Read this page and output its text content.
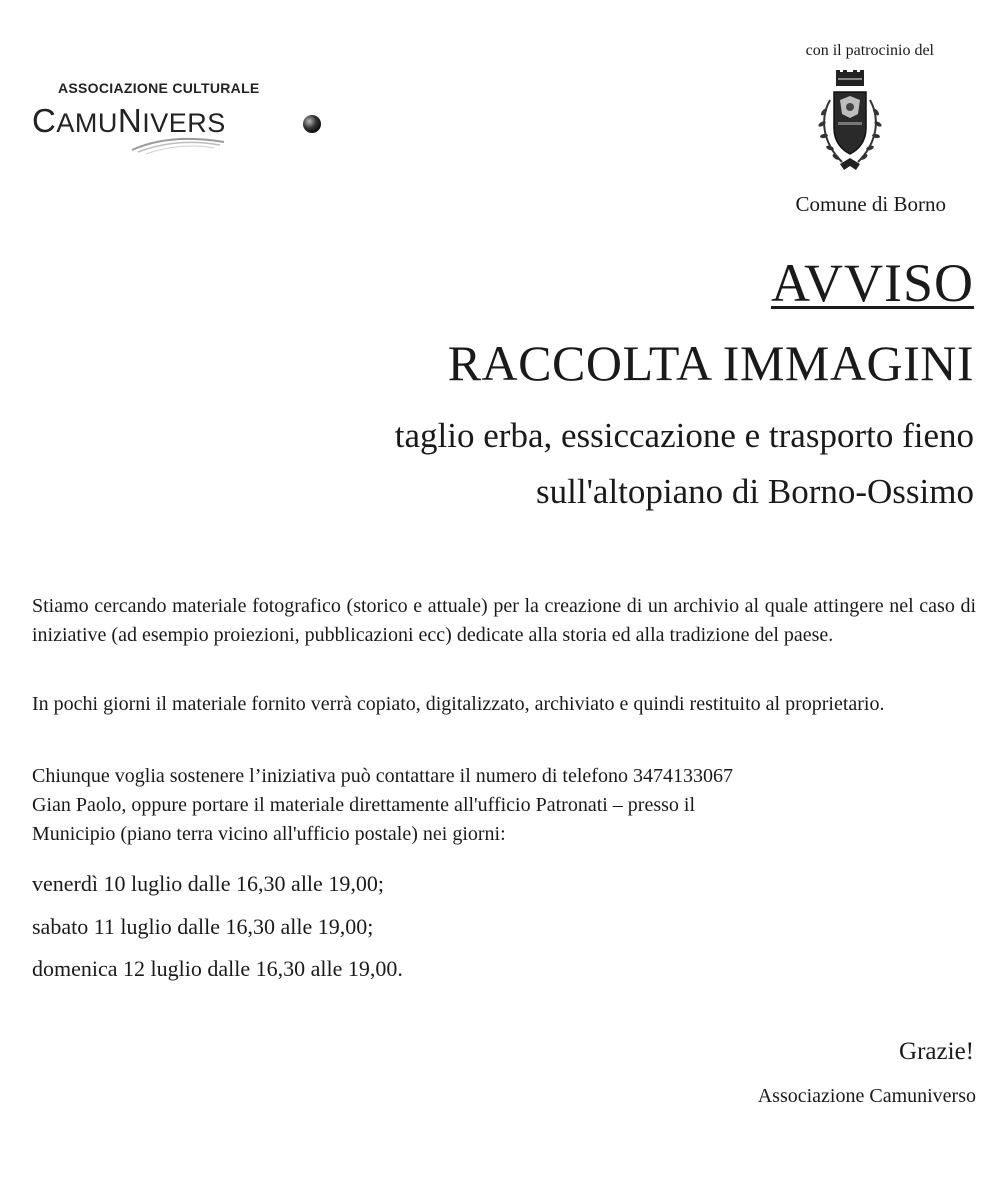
ASSOCIAZIONE CULTURALE
CAMUNIVERS
con il patrocinio del
Comune di Borno
AVVISO
RACCOLTA IMMAGINI
taglio erba, essiccazione e trasporto fieno
sull'altopiano di Borno-Ossimo
Stiamo cercando materiale fotografico (storico e attuale) per la creazione di un archivio al quale attingere nel caso di iniziative (ad esempio proiezioni, pubblicazioni ecc) dedicate alla storia ed alla tradizione del paese.
In pochi giorni il materiale fornito verrà copiato, digitalizzato, archiviato e quindi restituito al proprietario.
Chiunque voglia sostenere l’iniziativa può contattare il numero di telefono 3474133067
Gian Paolo, oppure portare il materiale direttamente all'ufficio Patronati – presso il
Municipio (piano terra vicino all'ufficio postale) nei giorni:
venerdì 10 luglio dalle 16,30 alle 19,00;
sabato 11 luglio dalle 16,30 alle 19,00;
domenica 12 luglio dalle 16,30 alle 19,00.
Grazie!
Associazione Camuniverso
